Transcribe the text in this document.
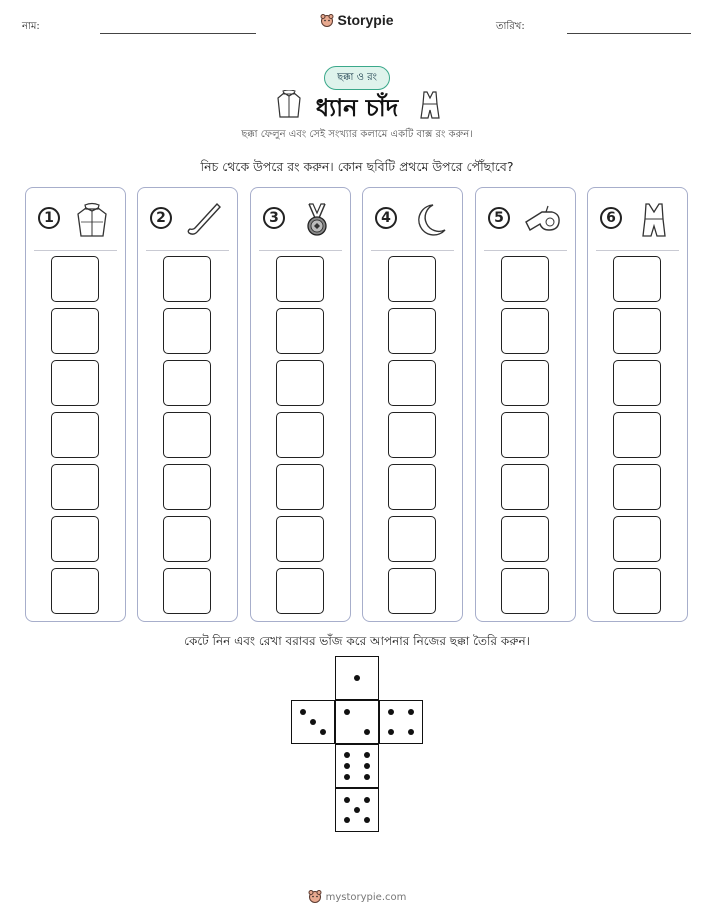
নাম:	Storypie	তারিখ:
ছক্কা ও রং
ধ্যান চাঁদ
ছক্কা ফেলুন এবং সেই সংখ্যার কলামে একটি বাক্স রং করুন।
নিচ থেকে উপরে রং করুন। কোন ছবিটি প্রথমে উপরে পৌঁছাবে?
1	2	3	4	5	6
কেটে নিন এবং রেখা বরাবর ভাঁজ করে আপনার নিজের ছক্কা তৈরি করুন।
mystorypie.com
